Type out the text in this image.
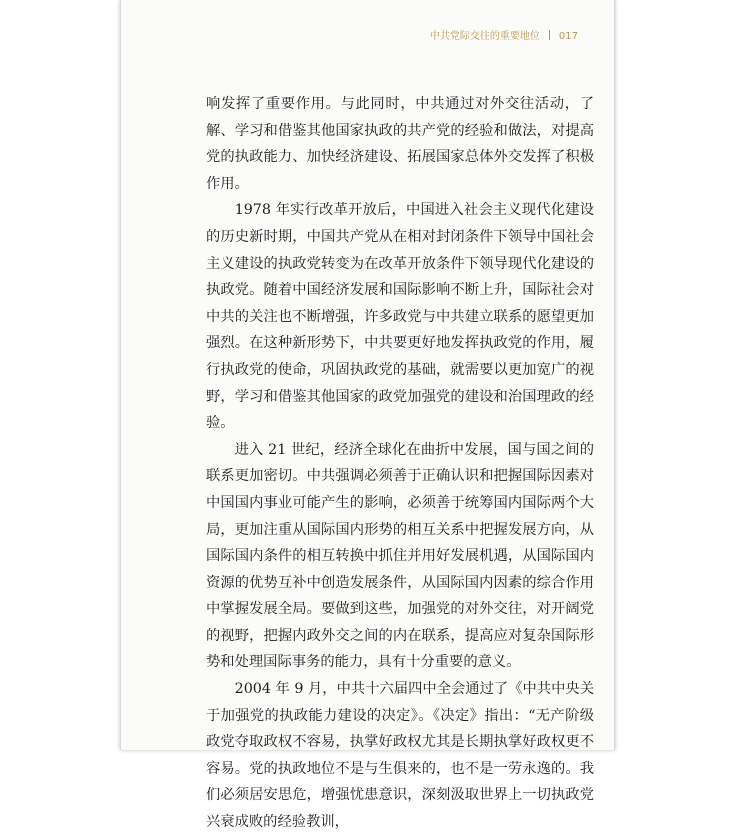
中共党际交往的重要地位 017

响发挥了重要作用。与此同时，中共通过对外交往活动，了解、学习和借鉴其他国家执政的共产党的经验和做法，对提高党的执政能力、加快经济建设、拓展国家总体外交发挥了积极作用。

1978 年实行改革开放后，中国进入社会主义现代化建设的历史新时期，中国共产党从在相对封闭条件下领导中国社会主义建设的执政党转变为在改革开放条件下领导现代化建设的执政党。随着中国经济发展和国际影响不断上升，国际社会对中共的关注也不断增强，许多政党与中共建立联系的愿望更加强烈。在这种新形势下，中共要更好地发挥执政党的作用，履行执政党的使命，巩固执政党的基础，就需要以更加宽广的视野，学习和借鉴其他国家的政党加强党的建设和治国理政的经验。

进入 21 世纪，经济全球化在曲折中发展，国与国之间的联系更加密切。中共强调必须善于正确认识和把握国际因素对中国国内事业可能产生的影响，必须善于统筹国内国际两个大局，更加注重从国际国内形势的相互关系中把握发展方向，从国际国内条件的相互转换中抓住并用好发展机遇，从国际国内资源的优势互补中创造发展条件，从国际国内因素的综合作用中掌握发展全局。要做到这些，加强党的对外交往，对开阔党的视野，把握内政外交之间的内在联系，提高应对复杂国际形势和处理国际事务的能力，具有十分重要的意义。

2004 年 9 月，中共十六届四中全会通过了《中共中央关于加强党的执政能力建设的决定》。《决定》指出：“无产阶级政党夺取政权不容易，执掌好政权尤其是长期执掌好政权更不容易。党的执政地位不是与生俱来的，也不是一劳永逸的。我们必须居安思危，增强忧患意识，深刻汲取世界上一切执政党兴衰成败的经验教训，
